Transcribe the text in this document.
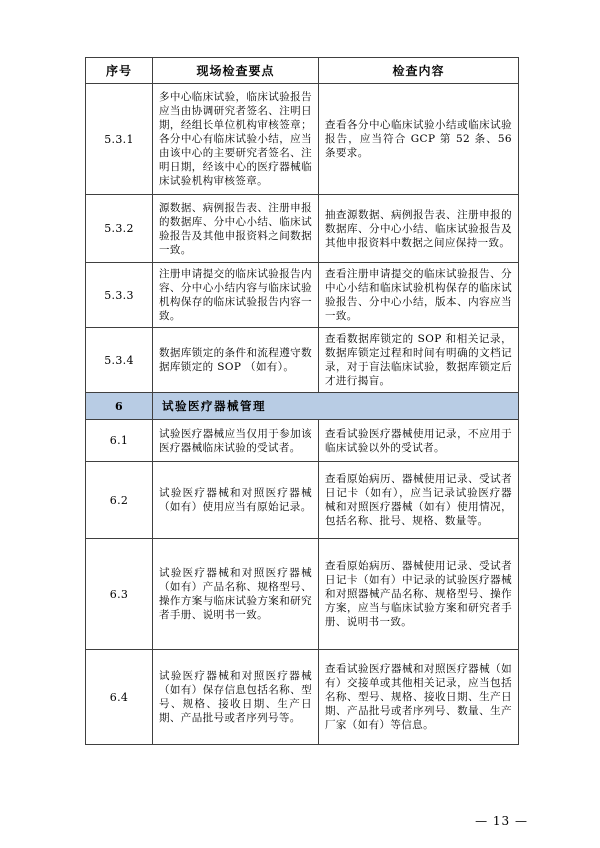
序号	现场检查要点	检查内容
5.3.1	多中心临床试验，临床试验报告应当由协调研究者签名、注明日期，经组长单位机构审核签章；各分中心有临床试验小结，应当由该中心的主要研究者签名、注明日期，经该中心的医疗器械临床试验机构审核签章。	查看各分中心临床试验小结或临床试验报告，应当符合 GCP 第 52 条、56 条要求。
5.3.2	源数据、病例报告表、注册申报的数据库、分中心小结、临床试验报告及其他申报资料之间数据一致。	抽查源数据、病例报告表、注册申报的数据库、分中心小结、临床试验报告及其他申报资料中数据之间应保持一致。
5.3.3	注册申请提交的临床试验报告内容、分中心小结内容与临床试验机构保存的临床试验报告内容一致。	查看注册申请提交的临床试验报告、分中心小结和临床试验机构保存的临床试验报告、分中心小结，版本、内容应当一致。
5.3.4	数据库锁定的条件和流程遵守数据库锁定的 SOP （如有）。	查看数据库锁定的 SOP 和相关记录，数据库锁定过程和时间有明确的文档记录，对于盲法临床试验，数据库锁定后才进行揭盲。
6	试验医疗器械管理	
6.1	试验医疗器械应当仅用于参加该医疗器械临床试验的受试者。	查看试验医疗器械使用记录，不应用于临床试验以外的受试者。
6.2	试验医疗器械和对照医疗器械（如有）使用应当有原始记录。	查看原始病历、器械使用记录、受试者日记卡（如有），应当记录试验医疗器械和对照医疗器械（如有）使用情况，包括名称、批号、规格、数量等。
6.3	试验医疗器械和对照医疗器械（如有）产品名称、规格型号、操作方案与临床试验方案和研究者手册、说明书一致。	查看原始病历、器械使用记录、受试者日记卡（如有）中记录的试验医疗器械和对照器械产品名称、规格型号、操作方案，应当与临床试验方案和研究者手册、说明书一致。
6.4	试验医疗器械和对照医疗器械（如有）保存信息包括名称、型号、规格、接收日期、生产日期、产品批号或者序列号等。	查看试验医疗器械和对照医疗器械（如有）交接单或其他相关记录，应当包括名称、型号、规格、接收日期、生产日期、产品批号或者序列号、数量、生产厂家（如有）等信息。
— 13 —
